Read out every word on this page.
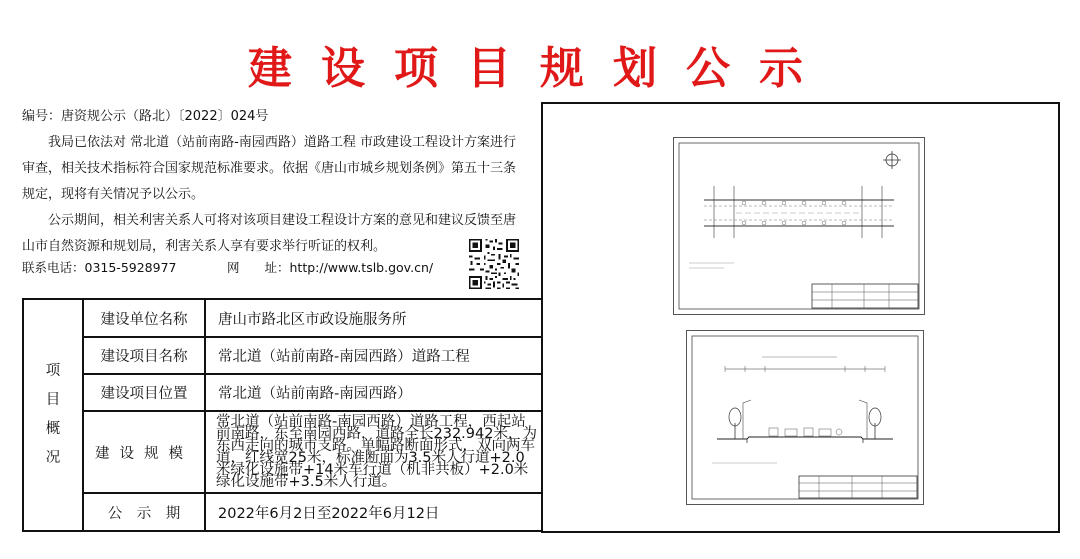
建设项目规划公示

编号：唐资规公示（路北）〔2022〕024号

我局已依法对 常北道（站前南路-南园西路）道路工程 市政建设工程设计方案进行审查，相关技术指标符合国家规范标准要求。依据《唐山市城乡规划条例》第五十三条规定，现将有关情况予以公示。

公示期间，相关利害关系人可将对该项目建设工程设计方案的意见和建议反馈至唐山市自然资源和规划局，利害关系人享有要求举行听证的权利。

联系电话：0315-5928977	网　　址：http://www.tslb.gov.cn/
项
目
概
况	建设单位名称	唐山市路北区市政设施服务所
	建设项目名称	常北道（站前南路-南园西路）道路工程
	建设项目位置	常北道（站前南路-南园西路）
	建设规模	常北道（站前南路-南园西路）道路工程，西起站前南路，东至南园西路，道路全长232.942米，为东西走向的城市支路。单幅路断面形式，双向两车道，红线宽25米，标准断面为3.5米人行道+2.0米绿化设施带+14米车行道（机非共板）+2.0米绿化设施带+3.5米人行道。
	公　示　期	2022年6月2日至2022年6月12日
